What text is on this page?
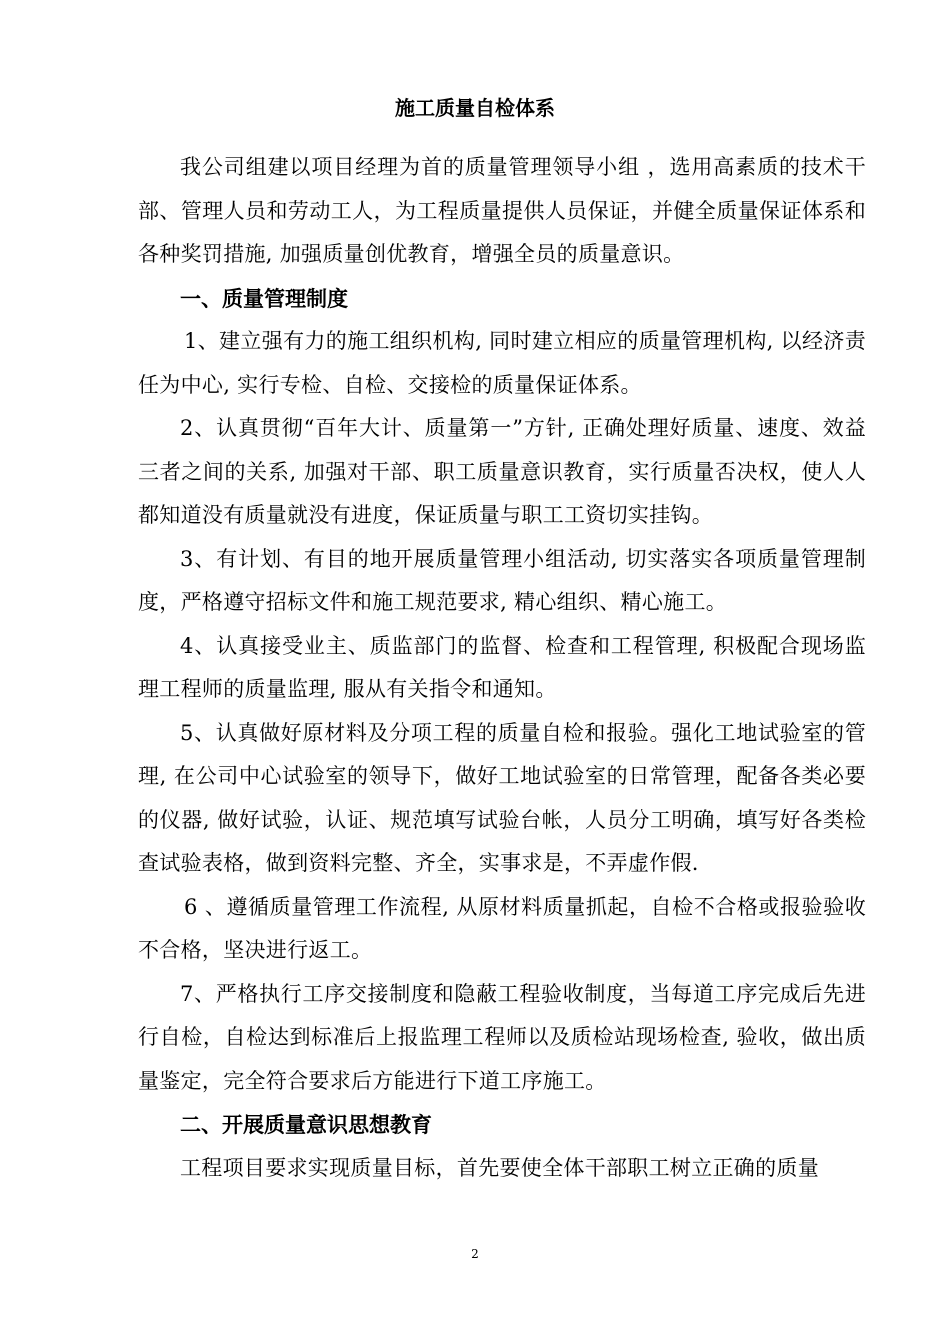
施工质量自检体系

我公司组建以项目经理为首的质量管理领导小组 ，选用高素质的技术干部、管理人员和劳动工人，为工程质量提供人员保证，并健全质量保证体系和各种奖罚措施, 加强质量创优教育，增强全员的质量意识。

一、质量管理制度

1、建立强有力的施工组织机构, 同时建立相应的质量管理机构, 以经济责任为中心, 实行专检、自检、交接检的质量保证体系。

2、认真贯彻“百年大计、质量第一”方针, 正确处理好质量、速度、效益三者之间的关系, 加强对干部、职工质量意识教育，实行质量否决权，使人人都知道没有质量就没有进度，保证质量与职工工资切实挂钩。

3、有计划、有目的地开展质量管理小组活动, 切实落实各项质量管理制度，严格遵守招标文件和施工规范要求, 精心组织、精心施工。

4、认真接受业主、质监部门的监督、检查和工程管理, 积极配合现场监理工程师的质量监理, 服从有关指令和通知。

5、认真做好原材料及分项工程的质量自检和报验。强化工地试验室的管理, 在公司中心试验室的领导下，做好工地试验室的日常管理，配备各类必要的仪器, 做好试验，认证、规范填写试验台帐，人员分工明确，填写好各类检查试验表格，做到资料完整、齐全，实事求是，不弄虚作假.

6 、遵循质量管理工作流程, 从原材料质量抓起，自检不合格或报验验收不合格，坚决进行返工。

7、严格执行工序交接制度和隐蔽工程验收制度，当每道工序完成后先进行自检，自检达到标准后上报监理工程师以及质检站现场检查, 验收，做出质量鉴定，完全符合要求后方能进行下道工序施工。

二、开展质量意识思想教育

工程项目要求实现质量目标，首先要使全体干部职工树立正确的质量

2
